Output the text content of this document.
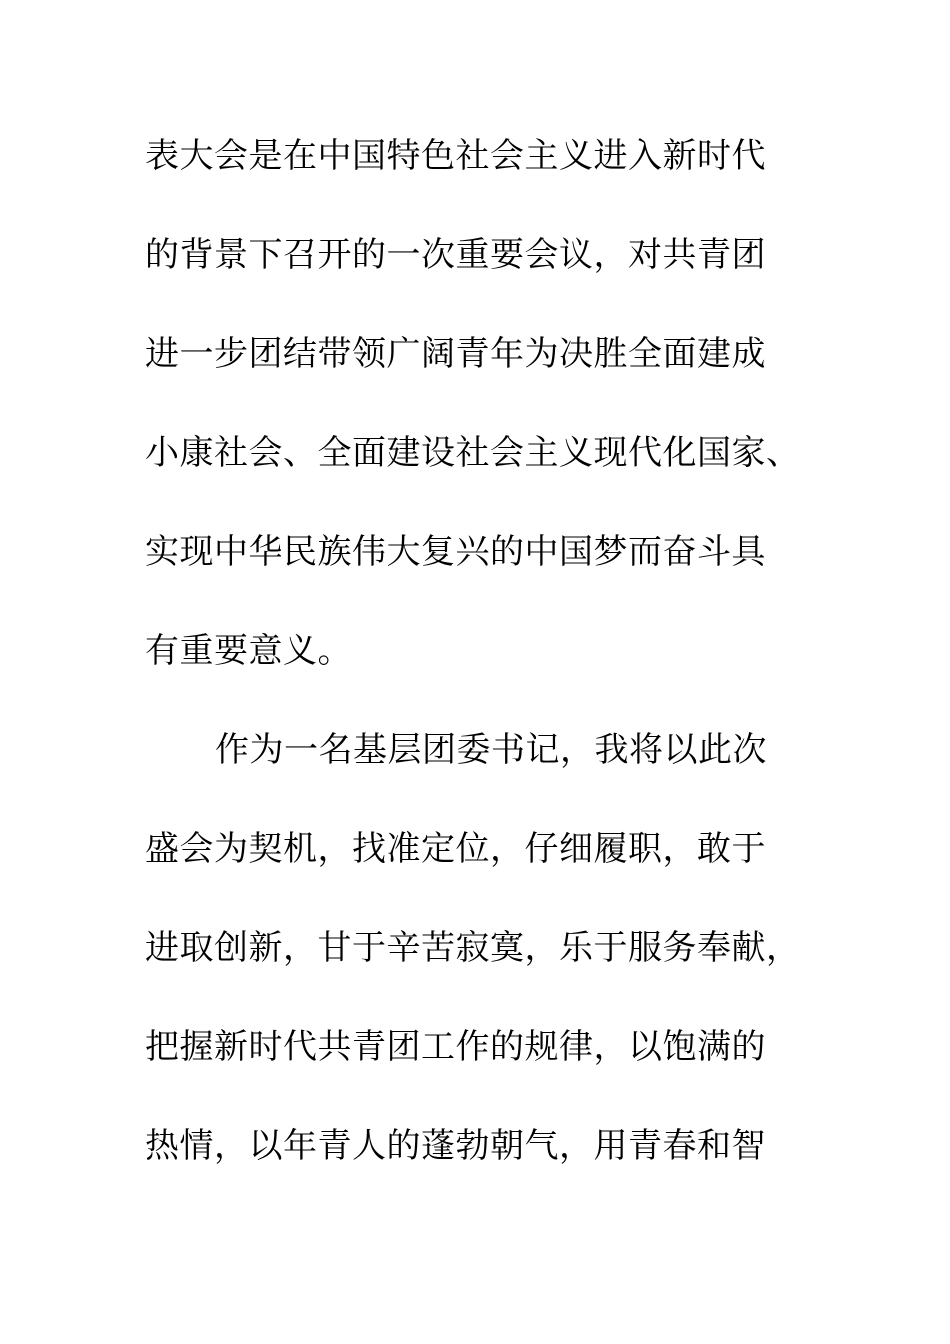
表大会是在中国特色社会主义进入新时代
的背景下召开的一次重要会议，对共青团
进一步团结带领广阔青年为决胜全面建成
小康社会、全面建设社会主义现代化国家、
实现中华民族伟大复兴的中国梦而奋斗具
有重要意义。
作为一名基层团委书记，我将以此次
盛会为契机，找准定位，仔细履职，敢于
进取创新，甘于辛苦寂寞，乐于服务奉献，
把握新时代共青团工作的规律，以饱满的
热情，以年青人的蓬勃朝气，用青春和智
